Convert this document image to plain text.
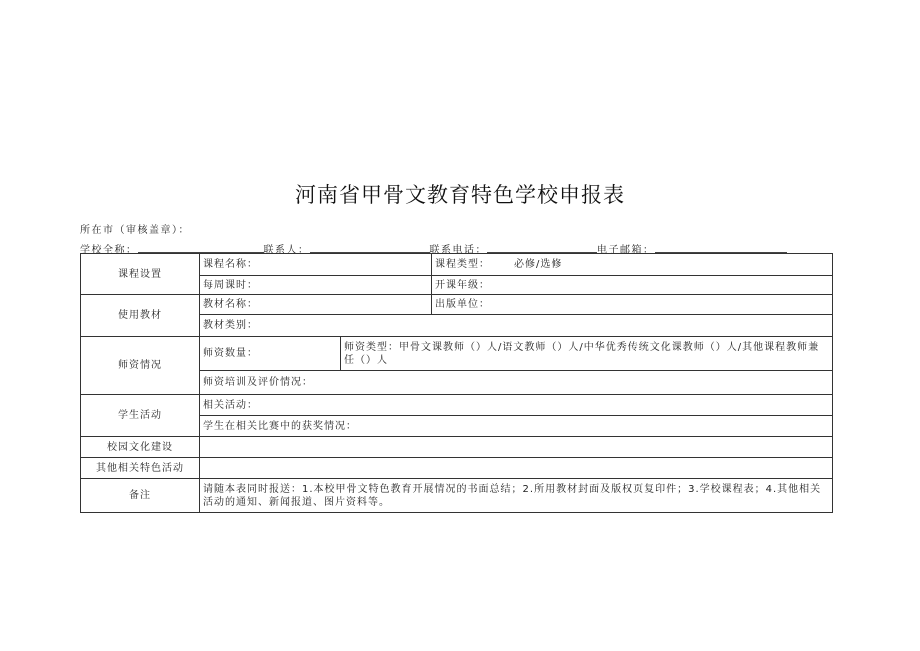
河南省甲骨文教育特色学校申报表
所在市（审核盖章）：
学校全称：	联系人：	联系电话：	电子邮箱：
课程设置	课程名称：		课程类型： 必修/选修
	每周课时：		开课年级：
使用教材	教材名称：		出版单位：
	教材类别：		
师资情况	师资数量：	师资类型：甲骨文课教师（）人/语文教师（）人/中华优秀传统文化课教师（）人/其他课程教师兼任（）人	
	师资培训及评价情况：		
学生活动	相关活动：		
	学生在相关比赛中的获奖情况：		
校园文化建设			
其他相关特色活动			
备注	请随本表同时报送：1.本校甲骨文特色教育开展情况的书面总结；2.所用教材封面及版权页复印件；3.学校课程表；4.其他相关活动的通知、新闻报道、图片资料等。		
